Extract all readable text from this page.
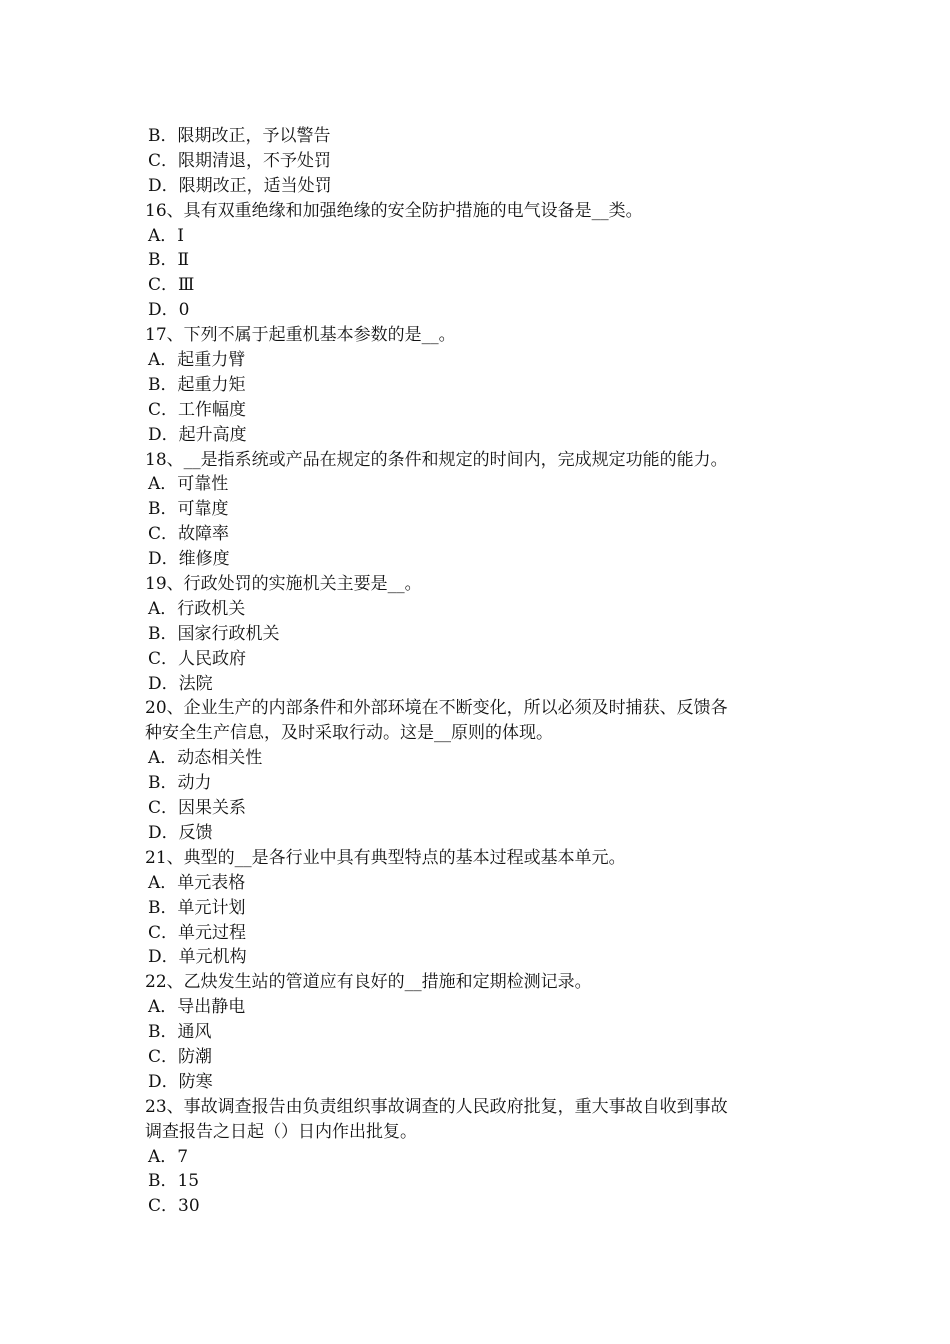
B．限期改正，予以警告
C．限期清退，不予处罚
D．限期改正，适当处罚
16、具有双重绝缘和加强绝缘的安全防护措施的电气设备是__类。
A．Ⅰ
B．Ⅱ
C．Ⅲ
D．0
17、下列不属于起重机基本参数的是__。
A．起重力臂
B．起重力矩
C．工作幅度
D．起升高度
18、__是指系统或产品在规定的条件和规定的时间内，完成规定功能的能力。
A．可靠性
B．可靠度
C．故障率
D．维修度
19、行政处罚的实施机关主要是__。
A．行政机关
B．国家行政机关
C．人民政府
D．法院
20、企业生产的内部条件和外部环境在不断变化，所以必须及时捕获、反馈各
种安全生产信息，及时采取行动。这是__原则的体现。
A．动态相关性
B．动力
C．因果关系
D．反馈
21、典型的__是各行业中具有典型特点的基本过程或基本单元。
A．单元表格
B．单元计划
C．单元过程
D．单元机构
22、乙炔发生站的管道应有良好的__措施和定期检测记录。
A．导出静电
B．通风
C．防潮
D．防寒
23、事故调查报告由负责组织事故调查的人民政府批复，重大事故自收到事故
调查报告之日起（）日内作出批复。
A．7
B．15
C．30
